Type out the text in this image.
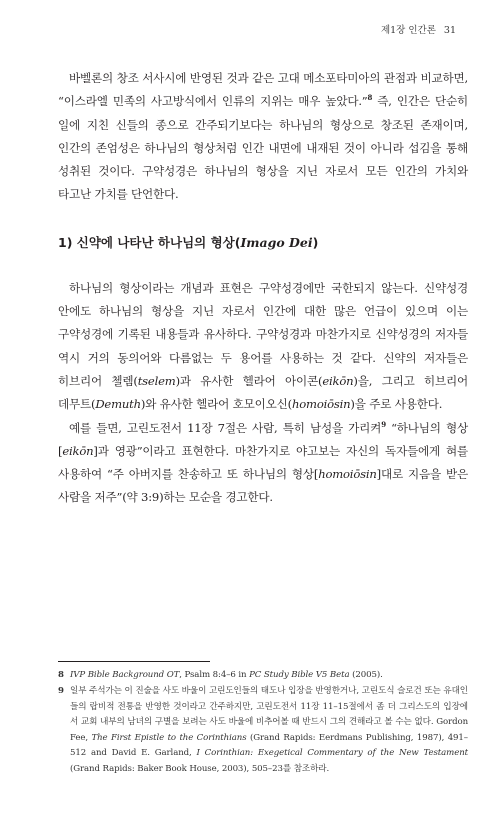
제1장 인간론 31

바벨론의 창조 서사시에 반영된 것과 같은 고대 메소포타미아의 관점과 비교하면, “이스라엘 민족의 사고방식에서 인류의 지위는 매우 높았다.”$^8$ 즉, 인간은 단순히 일에 지친 신들의 종으로 간주되기보다는 하나님의 형상으로 창조된 존재이며, 인간의 존엄성은 하나님의 형상처럼 인간 내면에 내재된 것이 아니라 섭김을 통해 성취된 것이다. 구약성경은 하나님의 형상을 지닌 자로서 모든 인간의 가치와 타고난 가치를 단언한다.

1) 신약에 나타난 하나님의 형상(Imago Dei)

하나님의 형상이라는 개념과 표현은 구약성경에만 국한되지 않는다. 신약성경 안에도 하나님의 형상을 지닌 자로서 인간에 대한 많은 언급이 있으며 이는 구약성경에 기록된 내용들과 유사하다. 구약성경과 마찬가지로 신약성경의 저자들 역시 거의 동의어와 다름없는 두 용어를 사용하는 것 같다. 신약의 저자들은 히브리어 첼렘(tselem)과 유사한 헬라어 아이콘(eikōn)을, 그리고 히브리어 데무트(Demuth)와 유사한 헬라어 호모이오신(homoiōsin)을 주로 사용한다.

예를 들면, 고린도전서 11장 7절은 사람, 특히 남성을 가리켜$^9$ “하나님의 형상[eikōn]과 영광”이라고 표현한다. 마찬가지로 야고보는 자신의 독자들에게 혀를 사용하여 “주 아버지를 찬송하고 또 하나님의 형상[homoiōsin]대로 지음을 받은 사람을 저주”(약 3:9)하는 모순을 경고한다.

8 IVP Bible Background OT, Psalm 8:4–6 in PC Study Bible V5 Beta (2005).
9 일부 주석가는 이 진술을 사도 바울이 고린도인들의 태도나 입장을 반영한거나, 고린도식 슬로건 또는 유대인들의 랍비적 전통을 반영한 것이라고 간주하지만, 고린도전서 11장 11–15절에서 좀 더 그리스도의 입장에서 교회 내부의 남녀의 구별을 보려는 사도 바울에 비추어볼 때 반드시 그의 견해라고 볼 수는 없다. Gordon Fee, The First Epistle to the Corinthians (Grand Rapids: Eerdmans Publishing, 1987), 491–512 and David E. Garland, I Corinthian: Exegetical Commentary of the New Testament (Grand Rapids: Baker Book House, 2003), 505–23를 참조하라.
